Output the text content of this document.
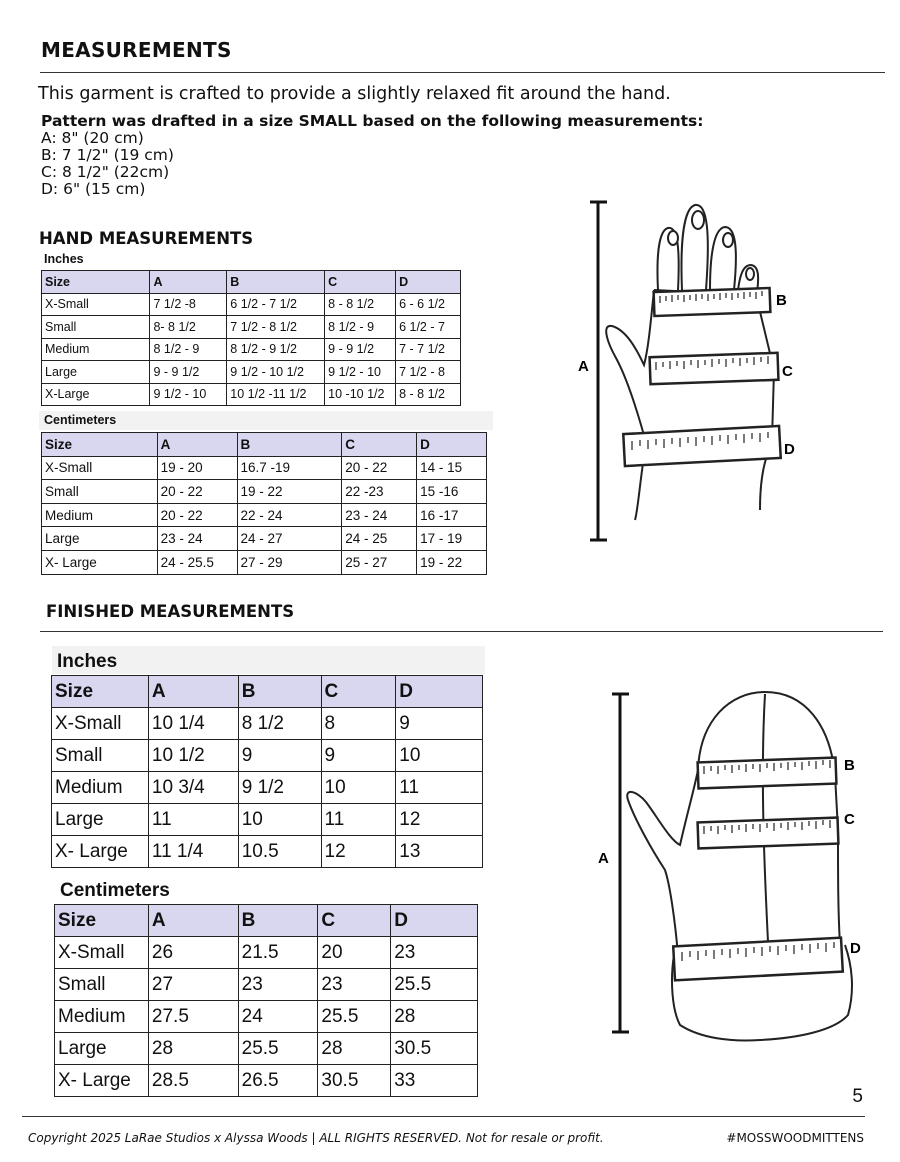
MEASUREMENTS
This garment is crafted to provide a slightly relaxed fit around the hand.
Pattern was drafted in a size SMALL based on the following measurements:
A: 8" (20 cm)
B: 7 1/2" (19 cm)
C: 8 1/2" (22cm)
D: 6" (15 cm)
HAND MEASUREMENTS
Inches
Size	A	B	C	D
X-Small	7 1/2 -8	6 1/2 - 7 1/2	8 - 8 1/2	6 - 6 1/2
Small	8- 8 1/2	7 1/2 - 8 1/2	8 1/2 - 9	6 1/2 - 7
Medium	8 1/2 - 9	8 1/2 - 9 1/2	9 - 9 1/2	7 - 7 1/2
Large	9 - 9 1/2	9 1/2 - 10 1/2	9 1/2 - 10	7 1/2 - 8
X-Large	9 1/2 - 10	10 1/2 -11 1/2	10 -10 1/2	8 - 8 1/2
Centimeters
Size	A	B	C	D
X-Small	19 - 20	16.7 -19	20 - 22	14 - 15
Small	20 - 22	19 - 22	22 -23	15 -16
Medium	20 - 22	22 - 24	23 - 24	16 -17
Large	23 - 24	24 - 27	24 - 25	17 - 19
X- Large	24 - 25.5	27 - 29	25 - 27	19 - 22
A
B
C
D
FINISHED MEASUREMENTS
Inches
Size	A	B	C	D
X-Small	10 1/4	8 1/2	8	9
Small	10 1/2	9	9	10
Medium	10 3/4	9 1/2	10	11
Large	11	10	11	12
X- Large	11 1/4	10.5	12	13
Centimeters
Size	A	B	C	D
X-Small	26	21.5	20	23
Small	27	23	23	25.5
Medium	27.5	24	25.5	28
Large	28	25.5	28	30.5
X- Large	28.5	26.5	30.5	33
A
B
C
D
5
Copyright 2025 LaRae Studios x Alyssa Woods | ALL RIGHTS RESERVED. Not for resale or profit.	#MOSSWOODMITTENS
